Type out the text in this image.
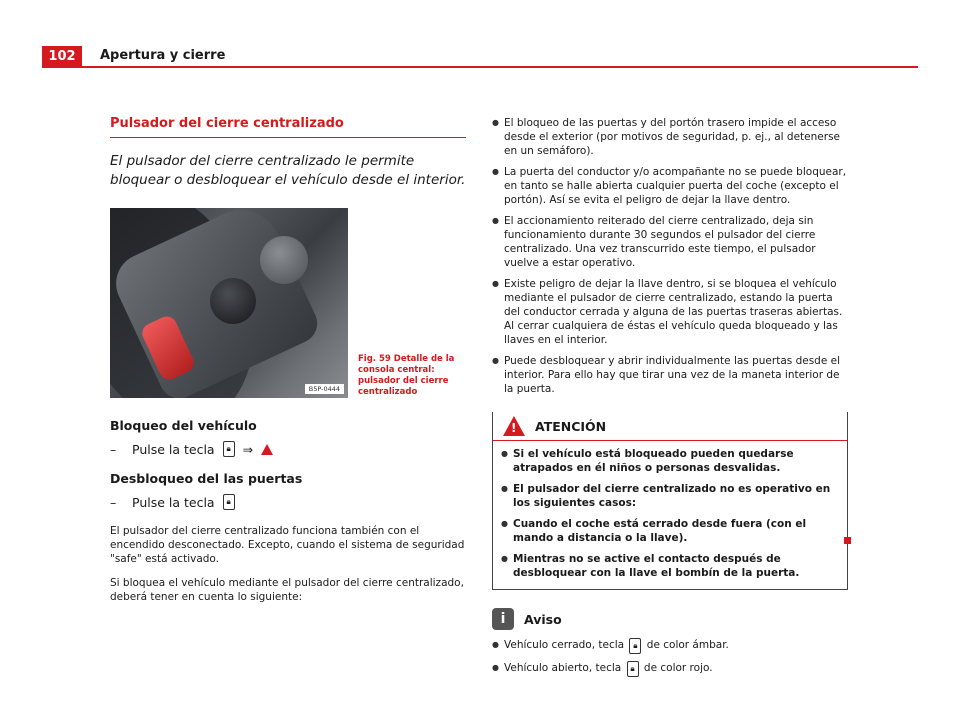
102	Apertura y cierre
Pulsador del cierre centralizado

El pulsador del cierre centralizado le permite bloquear o desbloquear el vehículo desde el interior.

B5P-0444
Fig. 59 Detalle de la consola central: pulsador del cierre centralizado
Bloqueo del vehículo
–	Pulse la tecla	🔒︎ ⇒
Desbloqueo del las puertas
–	Pulse la tecla	🔒︎

El pulsador del cierre centralizado funciona también con el encendido desconectado. Excepto, cuando el sistema de seguridad "safe" está activado.

Si bloquea el vehículo mediante el pulsador del cierre centralizado, deberá tener en cuenta lo siguiente:

● El bloqueo de las puertas y del portón trasero impide el acceso desde el exterior (por motivos de seguridad, p. ej., al detenerse en un semáforo).
● La puerta del conductor y/o acompañante no se puede bloquear, en tanto se halle abierta cualquier puerta del coche (excepto el portón). Así se evita el peligro de dejar la llave dentro.
● El accionamiento reiterado del cierre centralizado, deja sin funcionamiento durante 30 segundos el pulsador del cierre centralizado. Una vez transcurrido este tiempo, el pulsador vuelve a estar operativo.
● Existe peligro de dejar la llave dentro, si se bloquea el vehículo mediante el pulsador de cierre centralizado, estando la puerta del conductor cerrada y alguna de las puertas traseras abiertas. Al cerrar cualquiera de éstas el vehículo queda bloqueado y las llaves en el interior.
● Puede desbloquear y abrir individualmente las puertas desde el interior. Para ello hay que tirar una vez de la maneta interior de la puerta.
! ATENCIÓN
● Si el vehículo está bloqueado pueden quedarse atrapados en él niños o personas desvalidas.
● El pulsador del cierre centralizado no es operativo en los siguientes casos:
● Cuando el coche está cerrado desde fuera (con el mando a distancia o la llave).
● Mientras no se active el contacto después de desbloquear con la llave el bombín de la puerta.
i	Aviso
● Vehículo cerrado, tecla 🔒︎ de color ámbar.
● Vehículo abierto, tecla 🔒︎ de color rojo.
